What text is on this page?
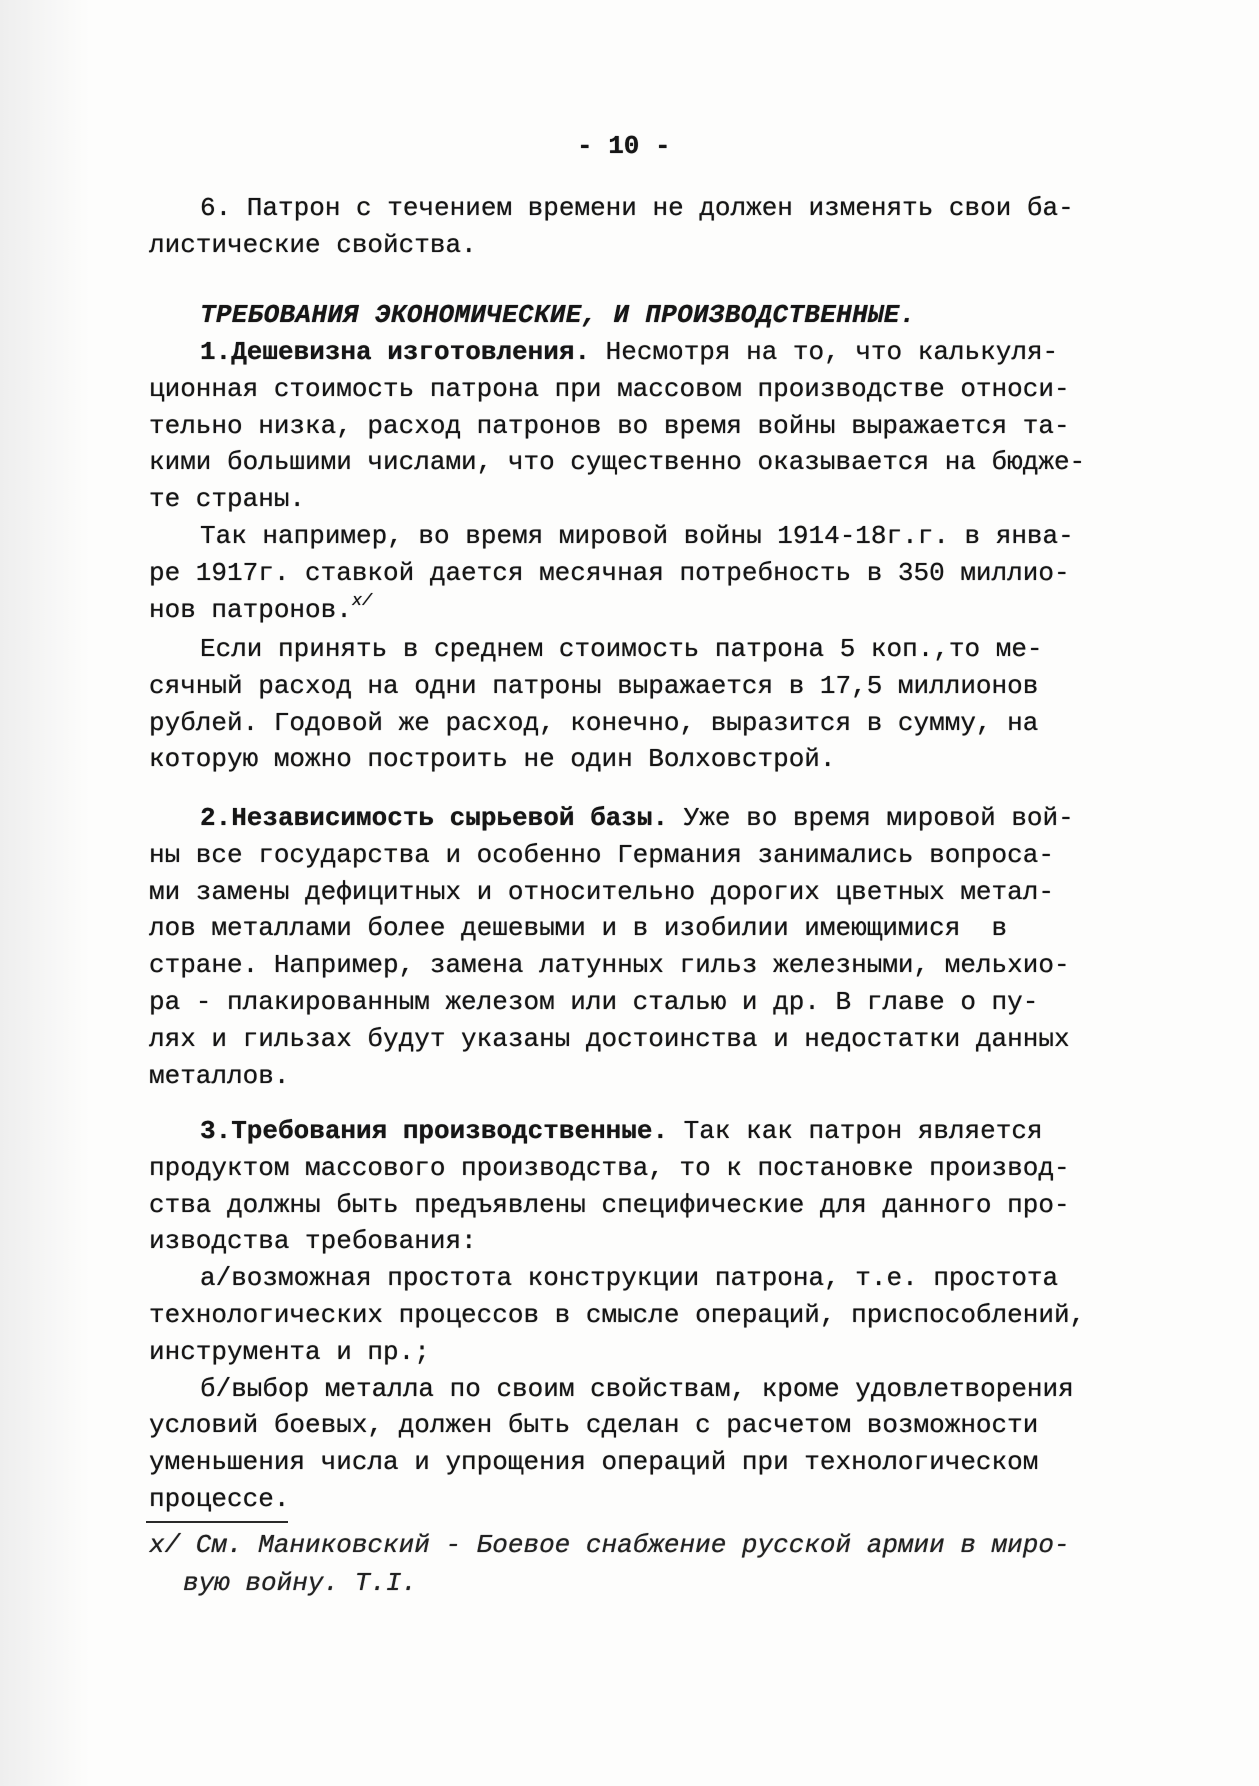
- 10 -
6. Патрон с течением времени не должен изменять свои ба-
листические свойства.
ТРЕБОВАНИЯ ЭКОНОМИЧЕСКИЕ, И ПРОИЗВОДСТВЕННЫЕ.
1.Дешевизна изготовления. Несмотря на то, что калькуля-
ционная стоимость патрона при массовом производстве относи-
тельно низка, расход патронов во время войны выражается та-
кими большими числами, что существенно оказывается на бюдже-
те страны.
Так например, во время мировой войны 1914-18г.г. в янва-
ре 1917г. ставкой дается месячная потребность в 350 миллио-
нов патронов.$^{x/}$
Если принять в среднем стоимость патрона 5 коп.,то ме-
сячный расход на одни патроны выражается в 17,5 миллионов
рублей. Годовой же расход, конечно, выразится в сумму, на
которую можно построить не один Волховстрой.
2.Независимость сырьевой базы. Уже во время мировой вой-
ны все государства и особенно Германия занимались вопроса-
ми замены дефицитных и относительно дорогих цветных метал-
лов металлами более дешевыми и в изобилии имеющимися  в
стране. Например, замена латунных гильз железными, мельхио-
ра - плакированным железом или сталью и др. В главе о пу-
лях и гильзах будут указаны достоинства и недостатки данных
металлов.
3.Требования производственные. Так как патрон является
продуктом массового производства, то к постановке производ-
ства должны быть предъявлены специфические для данного про-
изводства требования:
а/возможная простота конструкции патрона, т.е. простота
технологических процессов в смысле операций, приспособлений,
инструмента и пр.;
б/выбор металла по своим свойствам, кроме удовлетворения
условий боевых, должен быть сделан с расчетом возможности
уменьшения числа и упрощения операций при технологическом
процессе.
x/ См. Маниковский - Боевое снабжение русской армии в миро-
вую войну. Т.I.
